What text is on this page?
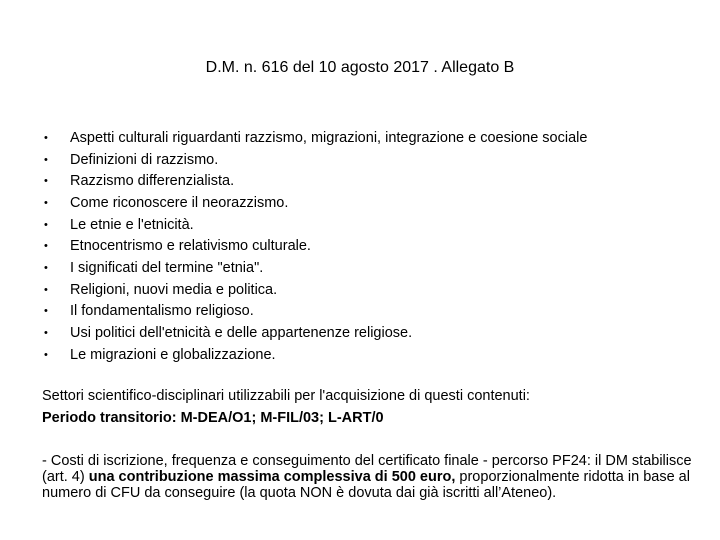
D.M. n. 616 del 10 agosto 2017 . Allegato B
•	Aspetti culturali riguardanti razzismo, migrazioni, integrazione e coesione sociale
•	Definizioni di razzismo.
•	Razzismo differenzialista.
•	Come riconoscere il neorazzismo.
•	Le etnie e l'etnicità.
•	Etnocentrismo e relativismo culturale.
•	I significati del termine "etnia".
•	Religioni, nuovi media e politica.
•	Il fondamentalismo religioso.
•	Usi politici dell'etnicità e delle appartenenze religiose.
•	Le migrazioni e globalizzazione.
Settori scientifico-disciplinari utilizzabili per l'acquisizione di questi contenuti:
Periodo transitorio: M-DEA/O1; M-FIL/03; L-ART/0
- Costi di iscrizione, frequenza e conseguimento del certificato finale - percorso PF24: il DM stabilisce (art. 4) una contribuzione massima complessiva di 500 euro, proporzionalmente ridotta in base al numero di CFU da conseguire (la quota NON è dovuta dai già iscritti all’Ateneo).
